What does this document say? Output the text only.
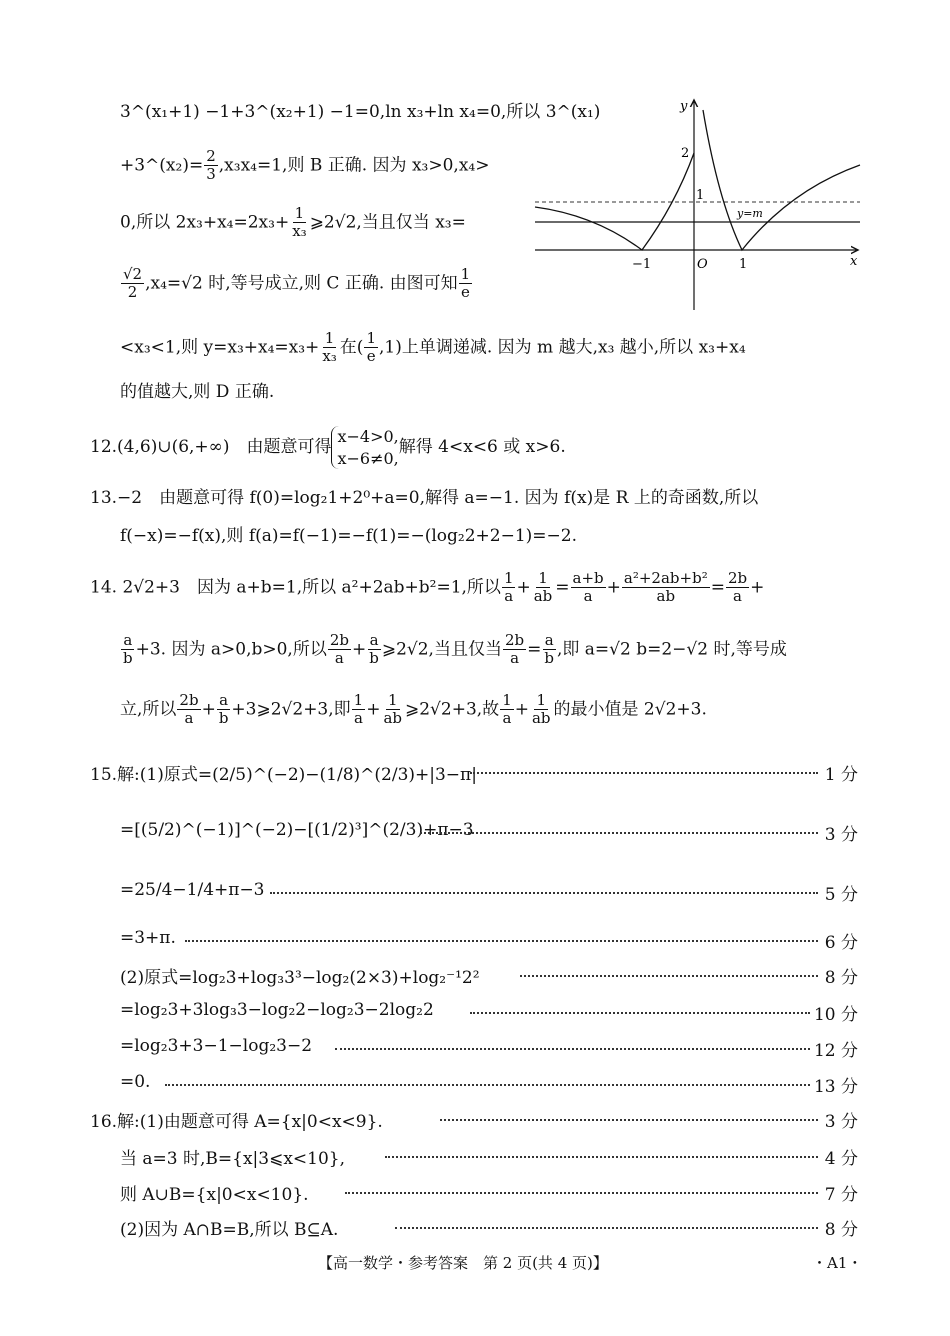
y
x
2
1
−1	O 1
y=m
3^(x₁+1) −1+3^(x₂+1) −1=0,ln x₃+ln x₄=0,所以 3^(x₁)
+3^(x₂)= $\frac{2}{3} ,x_3x_4=1$,则 B 正确. 因为 x₃>0,x₄>
0,所以 $2x_3+x_4=2x_3+ \frac{1}{\text{x₃}}$ ⩾2√2,当且仅当 x₃=
$\frac{√2}{2} ,x_4=√2$ 时,等号成立,则 C 正确. 由图可知 $\frac{1}{e}$
<x₃<1,则 $y=x_3+x_4=x_3+ \frac{1}{\text{x₃}}$ 在( $\frac{1}{e} ,1$)上单调递减. 因为 m 越大,x₃ 越小,所以 x₃+x₄
的值越大,则 D 正确.
12.(4,6)∪(6,+∞)　由题意可得
x−4>0,
x−6≠0,
解得 4<x<6 或 x>6.
13.−2　由题意可得 f(0)=log₂1+2⁰+a=0,解得 a=−1. 因为 f(x)是 R 上的奇函数,所以
f(−x)=−f(x),则 f(a)=f(−1)=−f(1)=−(log₂2+2−1)=−2.
14. 2√2+3　因为 a+b=1,所以 a²+2ab+b²=1,所以 $\frac{1}{a} + \frac{1}{ab} = \frac{a+b}{a} + \frac{\text{a²+2ab+b²}}{ab} = \frac{2b}{a}$ +
$\frac{a}{b} +3$. 因为 a>0,b>0,所以 $\frac{2b}{a} + \frac{a}{b}$ ⩾2√2,当且仅当 $\frac{2b}{a} = \frac{a}{b}$ ,即 a=√2 b=2−√2 时,等号成
立,所以 $\frac{2b}{a} + \frac{a}{b}$ +3⩾2√2+3,即 $\frac{1}{a} + \frac{1}{ab}$ ⩾2√2+3,故 $\frac{1}{a} + \frac{1}{ab}$ 的最小值是 2√2+3.
15.解:(1)原式=(2/5)^(−2)−(1/8)^(2/3)+|3−π|	1 分
=[(5/2)^(−1)]^(−2)−[(1/2)³]^(2/3)+π−3	3 分
=25/4−1/4+π−3	5 分
=3+π.	6 分
(2)原式=log₂3+log₃3³−log₂(2×3)+log₂⁻¹2²	8 分
=log₂3+3log₃3−log₂2−log₂3−2log₂2	10 分
=log₂3+3−1−log₂3−2	12 分
=0.	13 分
16.解:(1)由题意可得 A={x|0<x<9}.	3 分
当 a=3 时,B={x|3⩽x<10},	4 分
则 A∪B={x|0<x<10}.	7 分
(2)因为 A∩B=B,所以 B⊆A.	8 分
【高一数学・参考答案　第 2 页(共 4 页)】	・A1・
